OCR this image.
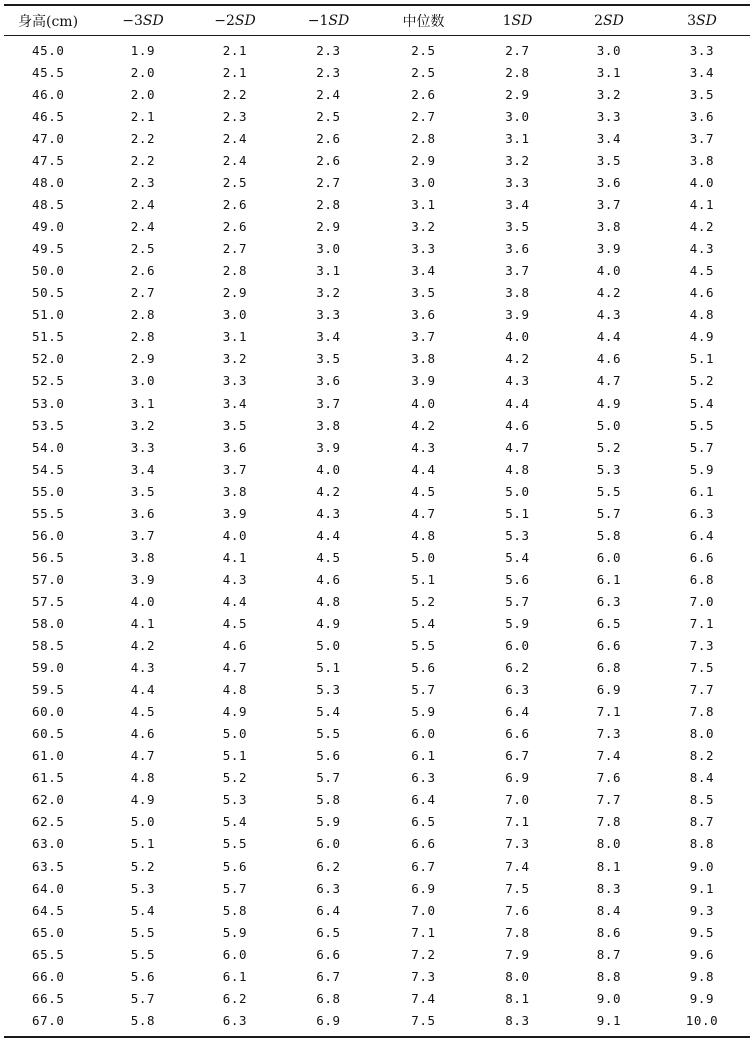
身高(cm)	−3SD	−2SD	−1SD	中位数	1SD	2SD	3SD
45.0	1.9	2.1	2.3	2.5	2.7	3.0	3.3
45.5	2.0	2.1	2.3	2.5	2.8	3.1	3.4
46.0	2.0	2.2	2.4	2.6	2.9	3.2	3.5
46.5	2.1	2.3	2.5	2.7	3.0	3.3	3.6
47.0	2.2	2.4	2.6	2.8	3.1	3.4	3.7
47.5	2.2	2.4	2.6	2.9	3.2	3.5	3.8
48.0	2.3	2.5	2.7	3.0	3.3	3.6	4.0
48.5	2.4	2.6	2.8	3.1	3.4	3.7	4.1
49.0	2.4	2.6	2.9	3.2	3.5	3.8	4.2
49.5	2.5	2.7	3.0	3.3	3.6	3.9	4.3
50.0	2.6	2.8	3.1	3.4	3.7	4.0	4.5
50.5	2.7	2.9	3.2	3.5	3.8	4.2	4.6
51.0	2.8	3.0	3.3	3.6	3.9	4.3	4.8
51.5	2.8	3.1	3.4	3.7	4.0	4.4	4.9
52.0	2.9	3.2	3.5	3.8	4.2	4.6	5.1
52.5	3.0	3.3	3.6	3.9	4.3	4.7	5.2
53.0	3.1	3.4	3.7	4.0	4.4	4.9	5.4
53.5	3.2	3.5	3.8	4.2	4.6	5.0	5.5
54.0	3.3	3.6	3.9	4.3	4.7	5.2	5.7
54.5	3.4	3.7	4.0	4.4	4.8	5.3	5.9
55.0	3.5	3.8	4.2	4.5	5.0	5.5	6.1
55.5	3.6	3.9	4.3	4.7	5.1	5.7	6.3
56.0	3.7	4.0	4.4	4.8	5.3	5.8	6.4
56.5	3.8	4.1	4.5	5.0	5.4	6.0	6.6
57.0	3.9	4.3	4.6	5.1	5.6	6.1	6.8
57.5	4.0	4.4	4.8	5.2	5.7	6.3	7.0
58.0	4.1	4.5	4.9	5.4	5.9	6.5	7.1
58.5	4.2	4.6	5.0	5.5	6.0	6.6	7.3
59.0	4.3	4.7	5.1	5.6	6.2	6.8	7.5
59.5	4.4	4.8	5.3	5.7	6.3	6.9	7.7
60.0	4.5	4.9	5.4	5.9	6.4	7.1	7.8
60.5	4.6	5.0	5.5	6.0	6.6	7.3	8.0
61.0	4.7	5.1	5.6	6.1	6.7	7.4	8.2
61.5	4.8	5.2	5.7	6.3	6.9	7.6	8.4
62.0	4.9	5.3	5.8	6.4	7.0	7.7	8.5
62.5	5.0	5.4	5.9	6.5	7.1	7.8	8.7
63.0	5.1	5.5	6.0	6.6	7.3	8.0	8.8
63.5	5.2	5.6	6.2	6.7	7.4	8.1	9.0
64.0	5.3	5.7	6.3	6.9	7.5	8.3	9.1
64.5	5.4	5.8	6.4	7.0	7.6	8.4	9.3
65.0	5.5	5.9	6.5	7.1	7.8	8.6	9.5
65.5	5.5	6.0	6.6	7.2	7.9	8.7	9.6
66.0	5.6	6.1	6.7	7.3	8.0	8.8	9.8
66.5	5.7	6.2	6.8	7.4	8.1	9.0	9.9
67.0	5.8	6.3	6.9	7.5	8.3	9.1	10.0
